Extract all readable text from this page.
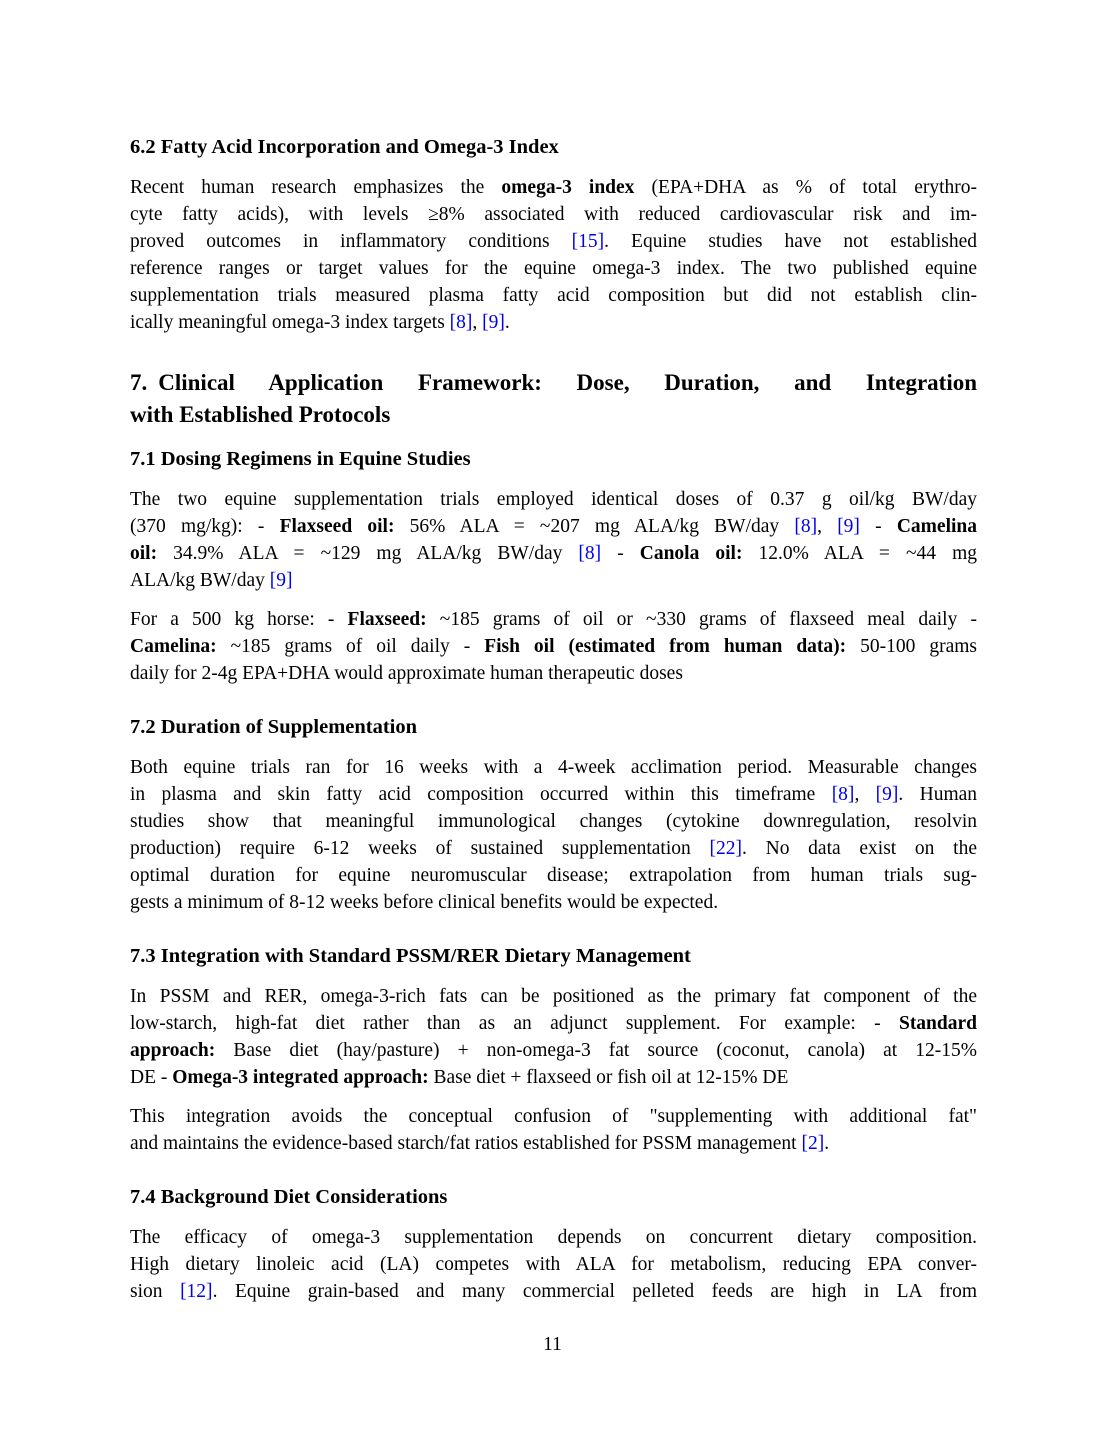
6.2 Fatty Acid Incorporation and Omega-3 Index
Recent human research emphasizes the omega-3 index (EPA+DHA as % of total erythro-
cyte fatty acids), with levels ≥8% associated with reduced cardiovascular risk and im-
proved outcomes in inflammatory conditions [15]. Equine studies have not established
reference ranges or target values for the equine omega-3 index. The two published equine
supplementation trials measured plasma fatty acid composition but did not establish clin-
ically meaningful omega-3 index targets [8], [9].
7. Clinical Application Framework: Dose, Duration, and Integration
with Established Protocols
7.1 Dosing Regimens in Equine Studies
The two equine supplementation trials employed identical doses of 0.37 g oil/kg BW/day
(370 mg/kg): - Flaxseed oil: 56% ALA = ~207 mg ALA/kg BW/day [8], [9] - Camelina
oil: 34.9% ALA = ~129 mg ALA/kg BW/day [8] - Canola oil: 12.0% ALA = ~44 mg
ALA/kg BW/day [9]
For a 500 kg horse: - Flaxseed: ~185 grams of oil or ~330 grams of flaxseed meal daily -
Camelina: ~185 grams of oil daily - Fish oil (estimated from human data): 50-100 grams
daily for 2-4g EPA+DHA would approximate human therapeutic doses
7.2 Duration of Supplementation
Both equine trials ran for 16 weeks with a 4-week acclimation period. Measurable changes
in plasma and skin fatty acid composition occurred within this timeframe [8], [9]. Human
studies show that meaningful immunological changes (cytokine downregulation, resolvin
production) require 6-12 weeks of sustained supplementation [22]. No data exist on the
optimal duration for equine neuromuscular disease; extrapolation from human trials sug-
gests a minimum of 8-12 weeks before clinical benefits would be expected.
7.3 Integration with Standard PSSM/RER Dietary Management
In PSSM and RER, omega-3-rich fats can be positioned as the primary fat component of the
low-starch, high-fat diet rather than as an adjunct supplement. For example: - Standard
approach: Base diet (hay/pasture) + non-omega-3 fat source (coconut, canola) at 12-15%
DE - Omega-3 integrated approach: Base diet + flaxseed or fish oil at 12-15% DE
This integration avoids the conceptual confusion of "supplementing with additional fat"
and maintains the evidence-based starch/fat ratios established for PSSM management [2].
7.4 Background Diet Considerations
The efficacy of omega-3 supplementation depends on concurrent dietary composition.
High dietary linoleic acid (LA) competes with ALA for metabolism, reducing EPA conver-
sion [12]. Equine grain-based and many commercial pelleted feeds are high in LA from
11
